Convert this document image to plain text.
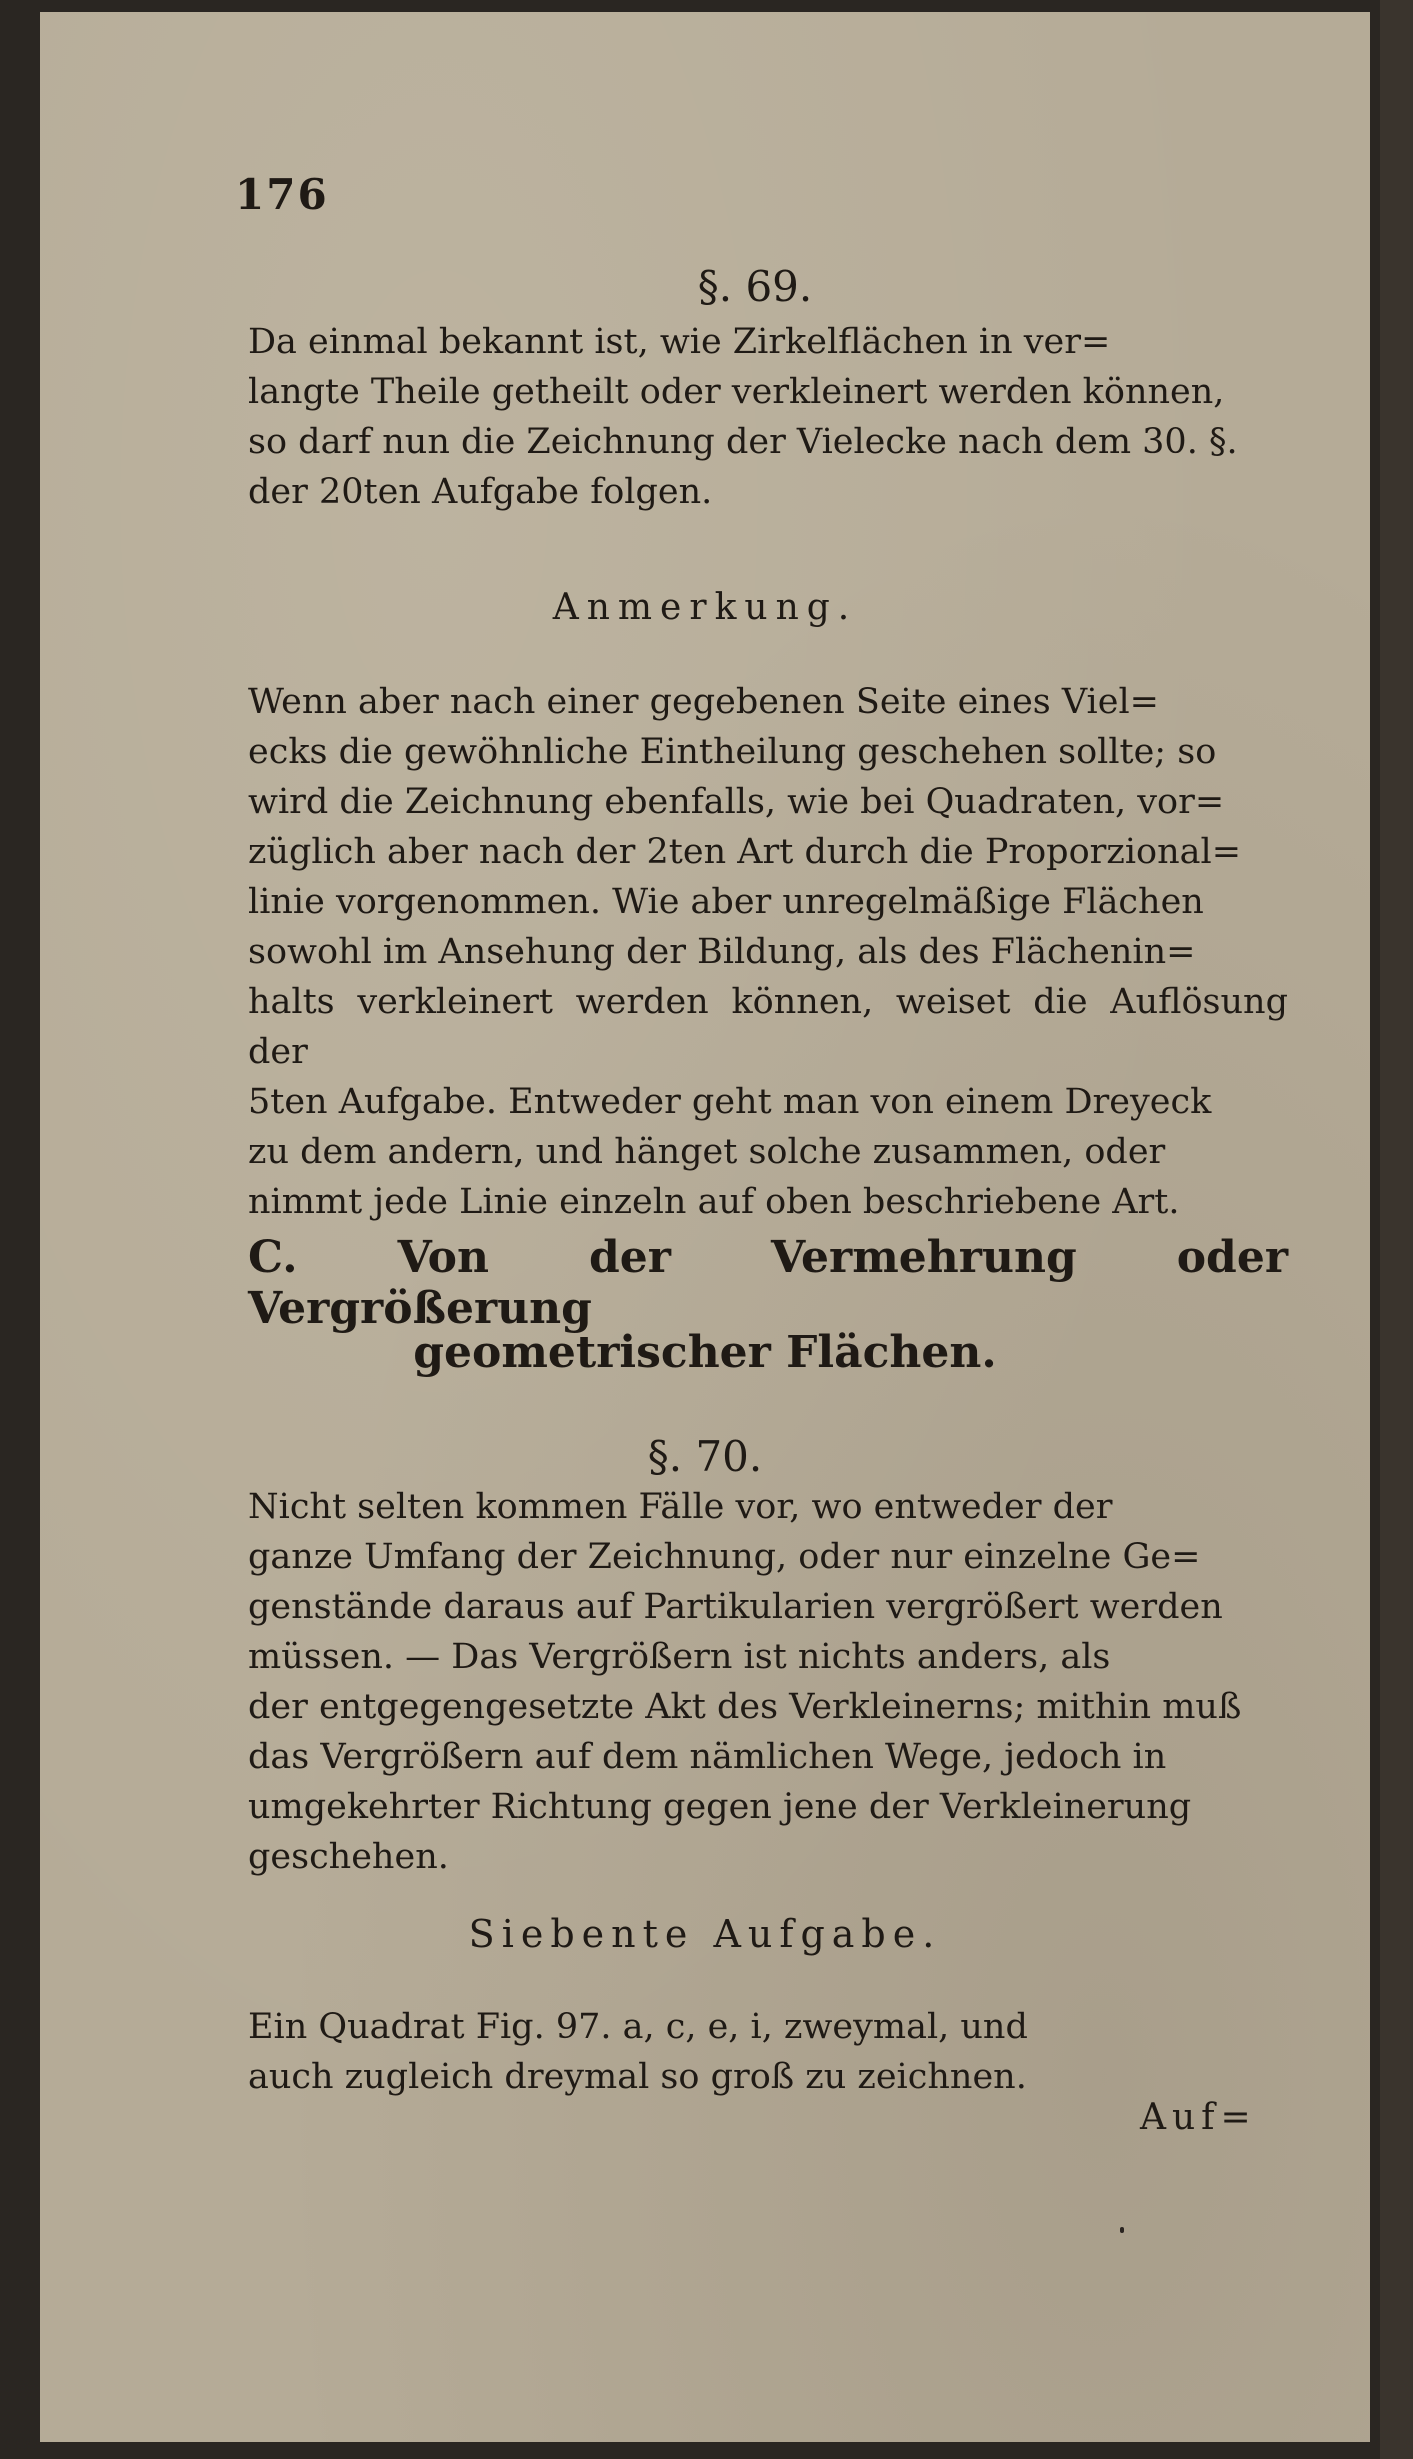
176
§. 69.

Da einmal bekannt ist, wie Zirkelflächen in ver=

langte Theile getheilt oder verkleinert werden können,

so darf nun die Zeichnung der Vielecke nach dem 30. §.

der 20ten Aufgabe folgen.

Anmerkung.

Wenn aber nach einer gegebenen Seite eines Viel=

ecks die gewöhnliche Eintheilung geschehen sollte; so

wird die Zeichnung ebenfalls, wie bei Quadraten, vor=

züglich aber nach der 2ten Art durch die Proporzional=

linie vorgenommen. Wie aber unregelmäßige Flächen

sowohl im Ansehung der Bildung, als des Flächenin=

halts verkleinert werden können, weiset die Auflösung der

5ten Aufgabe. Entweder geht man von einem Dreyeck

zu dem andern, und hänget solche zusammen, oder

nimmt jede Linie einzeln auf oben beschriebene Art.

C. Von der Vermehrung oder Vergrößerung
geometrischer Flächen.
§. 70.

Nicht selten kommen Fälle vor, wo entweder der

ganze Umfang der Zeichnung, oder nur einzelne Ge=

genstände daraus auf Partikularien vergrößert werden

müssen. — Das Vergrößern ist nichts anders, als

der entgegengesetzte Akt des Verkleinerns; mithin muß

das Vergrößern auf dem nämlichen Wege, jedoch in

umgekehrter Richtung gegen jene der Verkleinerung

geschehen.

Siebente Aufgabe.

Ein Quadrat Fig. 97. a, c, e, i, zweymal, und

auch zugleich dreymal so groß zu zeichnen.

Auf=
